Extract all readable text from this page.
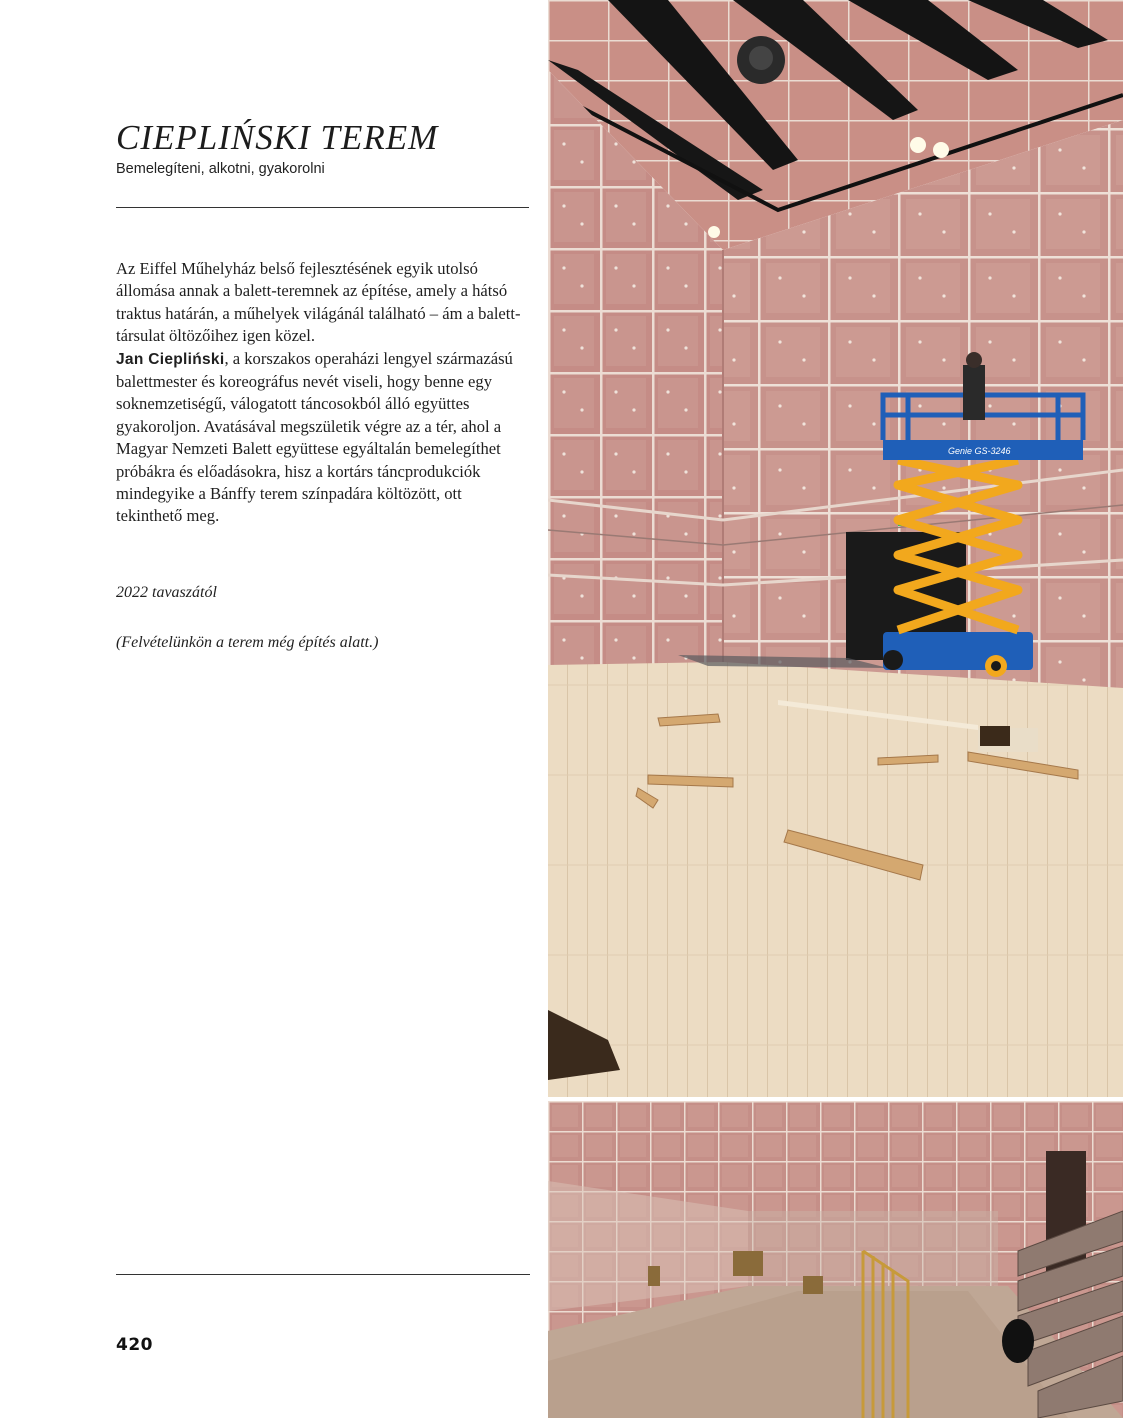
CIEPLIŃSKI TEREM
Bemelegíteni, alkotni, gyakorolni

Az Eiffel Műhelyház belső fejlesztésének egyik utolsó állomása annak a balett-teremnek az építése, amely a hátsó traktus határán, a műhelyek világánál található – ám a balett-társulat öltözőihez igen közel.
Jan Ciepliński, a korszakos operaházi lengyel származású balettmester és koreográfus nevét viseli, hogy benne egy soknemzetiségű, válogatott táncosokból álló együttes gyakoroljon. Avatásával megszületik végre az a tér, ahol a Magyar Nemzeti Balett együttese egyáltalán bemelegíthet próbákra és előadásokra, hisz a kortárs táncprodukciók mindegyike a Bánffy terem színpadára költözött, ott tekinthető meg.

2022 tavaszától
(Felvételünkön a terem még építés alatt.)
420
Genie GS-3246
